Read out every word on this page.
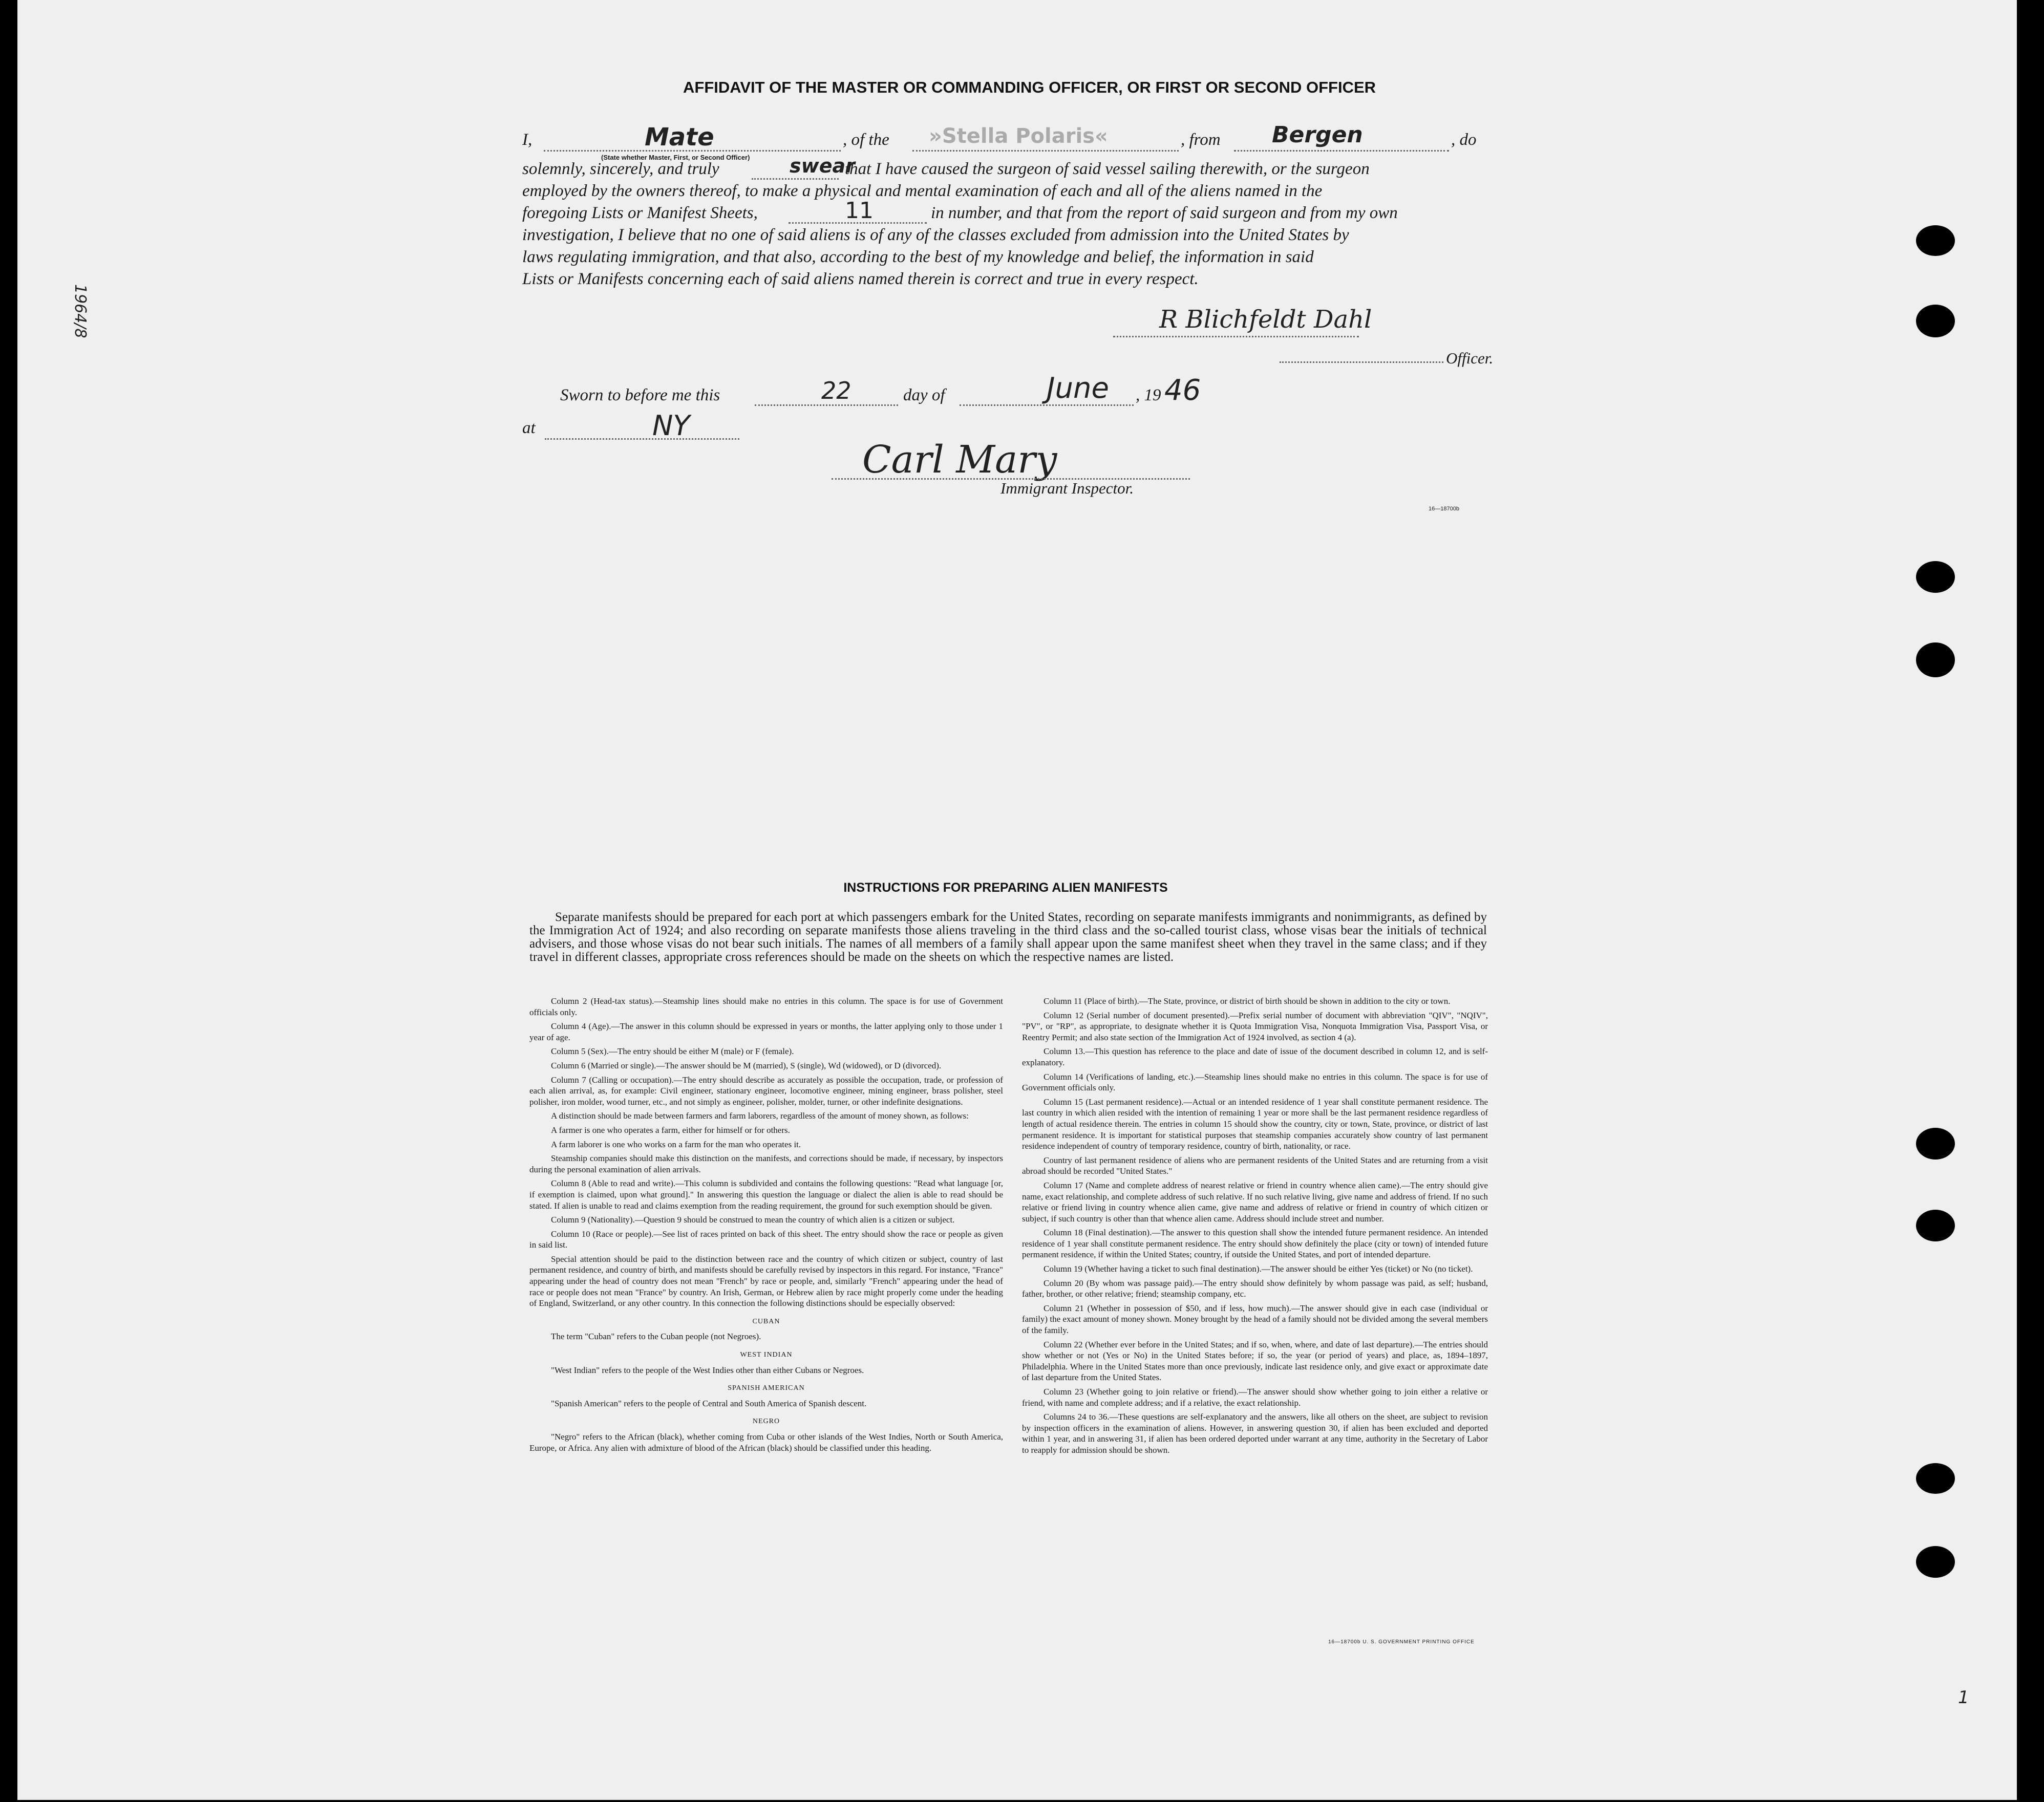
AFFIDAVIT OF THE MASTER OR COMMANDING OFFICER, OR FIRST OR SECOND OFFICER
I,	, of the	, from	, do
Mate	»Stella Polaris«	Bergen
(State whether Master, First, or Second Officer)
solemnly, sincerely, and truly	that I have caused the surgeon of said vessel sailing therewith, or the surgeon
swear
employed by the owners thereof, to make a physical and mental examination of each and all of the aliens named in the
foregoing Lists or Manifest Sheets,	in number, and that from the report of said surgeon and from my own
11
investigation, I believe that no one of said aliens is of any of the classes excluded from admission into the United States by
laws regulating immigration, and that also, according to the best of my knowledge and belief, the information in said
Lists or Manifests concerning each of said aliens named therein is correct and true in every respect.
R Blichfeldt Dahl
Officer.
Sworn to before me this	day of	, 19
22	June 46
at	NY
Carl Mary
Immigrant Inspector.
16—18700b
1964/8
INSTRUCTIONS FOR PREPARING ALIEN MANIFESTS

Separate manifests should be prepared for each port at which passengers embark for the United States, recording on separate manifests immigrants and nonimmigrants, as defined by the Immigration Act of 1924; and also recording on separate manifests those aliens traveling in the third class and the so-called tourist class, whose visas bear the initials of technical advisers, and those whose visas do not bear such initials. The names of all members of a family shall appear upon the same manifest sheet when they travel in the same class; and if they travel in different classes, appropriate cross references should be made on the sheets on which the respective names are listed.

Column 2 (Head-tax status).—Steamship lines should make no entries in this column. The space is for use of Government officials only.

Column 4 (Age).—The answer in this column should be expressed in years or months, the latter applying only to those under 1 year of age.

Column 5 (Sex).—The entry should be either M (male) or F (female).

Column 6 (Married or single).—The answer should be M (married), S (single), Wd (widowed), or D (divorced).

Column 7 (Calling or occupation).—The entry should describe as accurately as possible the occupation, trade, or profession of each alien arrival, as, for example: Civil engineer, stationary engineer, locomotive engineer, mining engineer, brass polisher, steel polisher, iron molder, wood turner, etc., and not simply as engineer, polisher, molder, turner, or other indefinite designations.

A distinction should be made between farmers and farm laborers, regardless of the amount of money shown, as follows:

A farmer is one who operates a farm, either for himself or for others.

A farm laborer is one who works on a farm for the man who operates it.

Steamship companies should make this distinction on the manifests, and corrections should be made, if necessary, by inspectors during the personal examination of alien arrivals.

Column 8 (Able to read and write).—This column is subdivided and contains the following questions: "Read what language [or, if exemption is claimed, upon what ground]." In answering this question the language or dialect the alien is able to read should be stated. If alien is unable to read and claims exemption from the reading requirement, the ground for such exemption should be given.

Column 9 (Nationality).—Question 9 should be construed to mean the country of which alien is a citizen or subject.

Column 10 (Race or people).—See list of races printed on back of this sheet. The entry should show the race or people as given in said list.

Special attention should be paid to the distinction between race and the country of which citizen or subject, country of last permanent residence, and country of birth, and manifests should be carefully revised by inspectors in this regard. For instance, "France" appearing under the head of country does not mean "French" by race or people, and, similarly "French" appearing under the head of race or people does not mean "France" by country. An Irish, German, or Hebrew alien by race might properly come under the heading of England, Switzerland, or any other country. In this connection the following distinctions should be especially observed:

CUBAN

The term "Cuban" refers to the Cuban people (not Negroes).

WEST INDIAN

"West Indian" refers to the people of the West Indies other than either Cubans or Negroes.

SPANISH AMERICAN

"Spanish American" refers to the people of Central and South America of Spanish descent.

NEGRO

"Negro" refers to the African (black), whether coming from Cuba or other islands of the West Indies, North or South America, Europe, or Africa. Any alien with admixture of blood of the African (black) should be classified under this heading.

Column 11 (Place of birth).—The State, province, or district of birth should be shown in addition to the city or town.

Column 12 (Serial number of document presented).—Prefix serial number of document with abbreviation "QIV", "NQIV", "PV", or "RP", as appropriate, to designate whether it is Quota Immigration Visa, Nonquota Immigration Visa, Passport Visa, or Reentry Permit; and also state section of the Immigration Act of 1924 involved, as section 4 (a).

Column 13.—This question has reference to the place and date of issue of the document described in column 12, and is self-explanatory.

Column 14 (Verifications of landing, etc.).—Steamship lines should make no entries in this column. The space is for use of Government officials only.

Column 15 (Last permanent residence).—Actual or an intended residence of 1 year shall constitute permanent residence. The last country in which alien resided with the intention of remaining 1 year or more shall be the last permanent residence regardless of length of actual residence therein. The entries in column 15 should show the country, city or town, State, province, or district of last permanent residence. It is important for statistical purposes that steamship companies accurately show country of last permanent residence independent of country of temporary residence, country of birth, nationality, or race.

Country of last permanent residence of aliens who are permanent residents of the United States and are returning from a visit abroad should be recorded "United States."

Column 17 (Name and complete address of nearest relative or friend in country whence alien came).—The entry should give name, exact relationship, and complete address of such relative. If no such relative living, give name and address of friend. If no such relative or friend living in country whence alien came, give name and address of relative or friend in country of which citizen or subject, if such country is other than that whence alien came. Address should include street and number.

Column 18 (Final destination).—The answer to this question shall show the intended future permanent residence. An intended residence of 1 year shall constitute permanent residence. The entry should show definitely the place (city or town) of intended future permanent residence, if within the United States; country, if outside the United States, and port of intended departure.

Column 19 (Whether having a ticket to such final destination).—The answer should be either Yes (ticket) or No (no ticket).

Column 20 (By whom was passage paid).—The entry should show definitely by whom passage was paid, as self; husband, father, brother, or other relative; friend; steamship company, etc.

Column 21 (Whether in possession of $50, and if less, how much).—The answer should give in each case (individual or family) the exact amount of money shown. Money brought by the head of a family should not be divided among the several members of the family.

Column 22 (Whether ever before in the United States; and if so, when, where, and date of last departure).—The entries should show whether or not (Yes or No) in the United States before; if so, the year (or period of years) and place, as, 1894–1897, Philadelphia. Where in the United States more than once previously, indicate last residence only, and give exact or approximate date of last departure from the United States.

Column 23 (Whether going to join relative or friend).—The answer should show whether going to join either a relative or friend, with name and complete address; and if a relative, the exact relationship.

Columns 24 to 36.—These questions are self-explanatory and the answers, like all others on the sheet, are subject to revision by inspection officers in the examination of aliens. However, in answering question 30, if alien has been excluded and deported within 1 year, and in answering 31, if alien has been ordered deported under warrant at any time, authority in the Secretary of Labor to reapply for admission should be shown.

16—18700b U. S. GOVERNMENT PRINTING OFFICE
1
